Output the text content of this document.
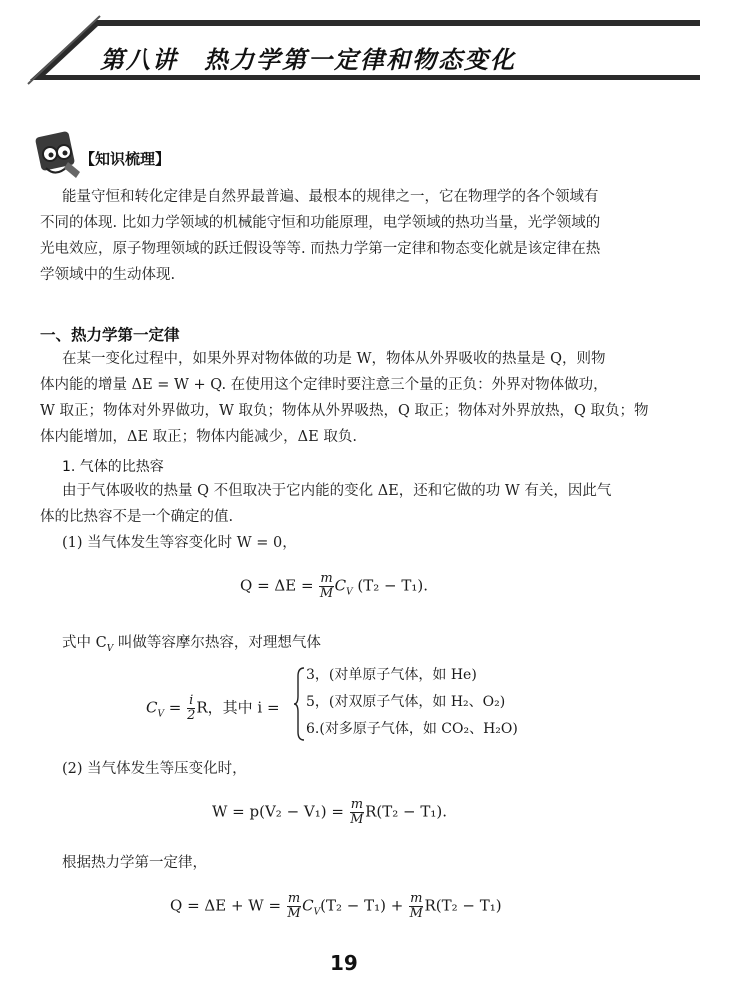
第八讲　热力学第一定律和物态变化
【知识梳理】
能量守恒和转化定律是自然界最普遍、最根本的规律之一，它在物理学的各个领域有
不同的体现. 比如力学领域的机械能守恒和功能原理，电学领域的热功当量，光学领域的
光电效应，原子物理领域的跃迁假设等等. 而热力学第一定律和物态变化就是该定律在热
学领域中的生动体现.
一、热力学第一定律
在某一变化过程中，如果外界对物体做的功是 W，物体从外界吸收的热量是 Q，则物
体内能的增量 ΔE = W + Q. 在使用这个定律时要注意三个量的正负：外界对物体做功，
W 取正；物体对外界做功，W 取负；物体从外界吸热，Q 取正；物体对外界放热，Q 取负；物
体内能增加，ΔE 取正；物体内能减少，ΔE 取负.
1. 气体的比热容
由于气体吸收的热量 Q 不但取决于它内能的变化 ΔE，还和它做的功 W 有关，因此气
体的比热容不是一个确定的值.
(1) 当气体发生等容变化时 W = 0，
$Q = \Delta E = \frac{m}{M} C_V$ (T₂ − T₁).
式中 $C_V$ 叫做等容摩尔热容，对理想气体
$C_V = \frac{i}{2}$ R，其中 i =
3，(对单原子气体，如 He)
5，(对双原子气体，如 H₂、O₂)
6.(对多原子气体，如 CO₂、H₂O)
(2) 当气体发生等压变化时，
$W = p(V_2 - V_1) = \frac{m}{M} R(T_2 - T_1)$.
根据热力学第一定律，
$Q = \Delta E + W = \frac{m}{M} C_V(T_2 - T_1) + \frac{m}{M} R(T_2 - T_1)$
19
